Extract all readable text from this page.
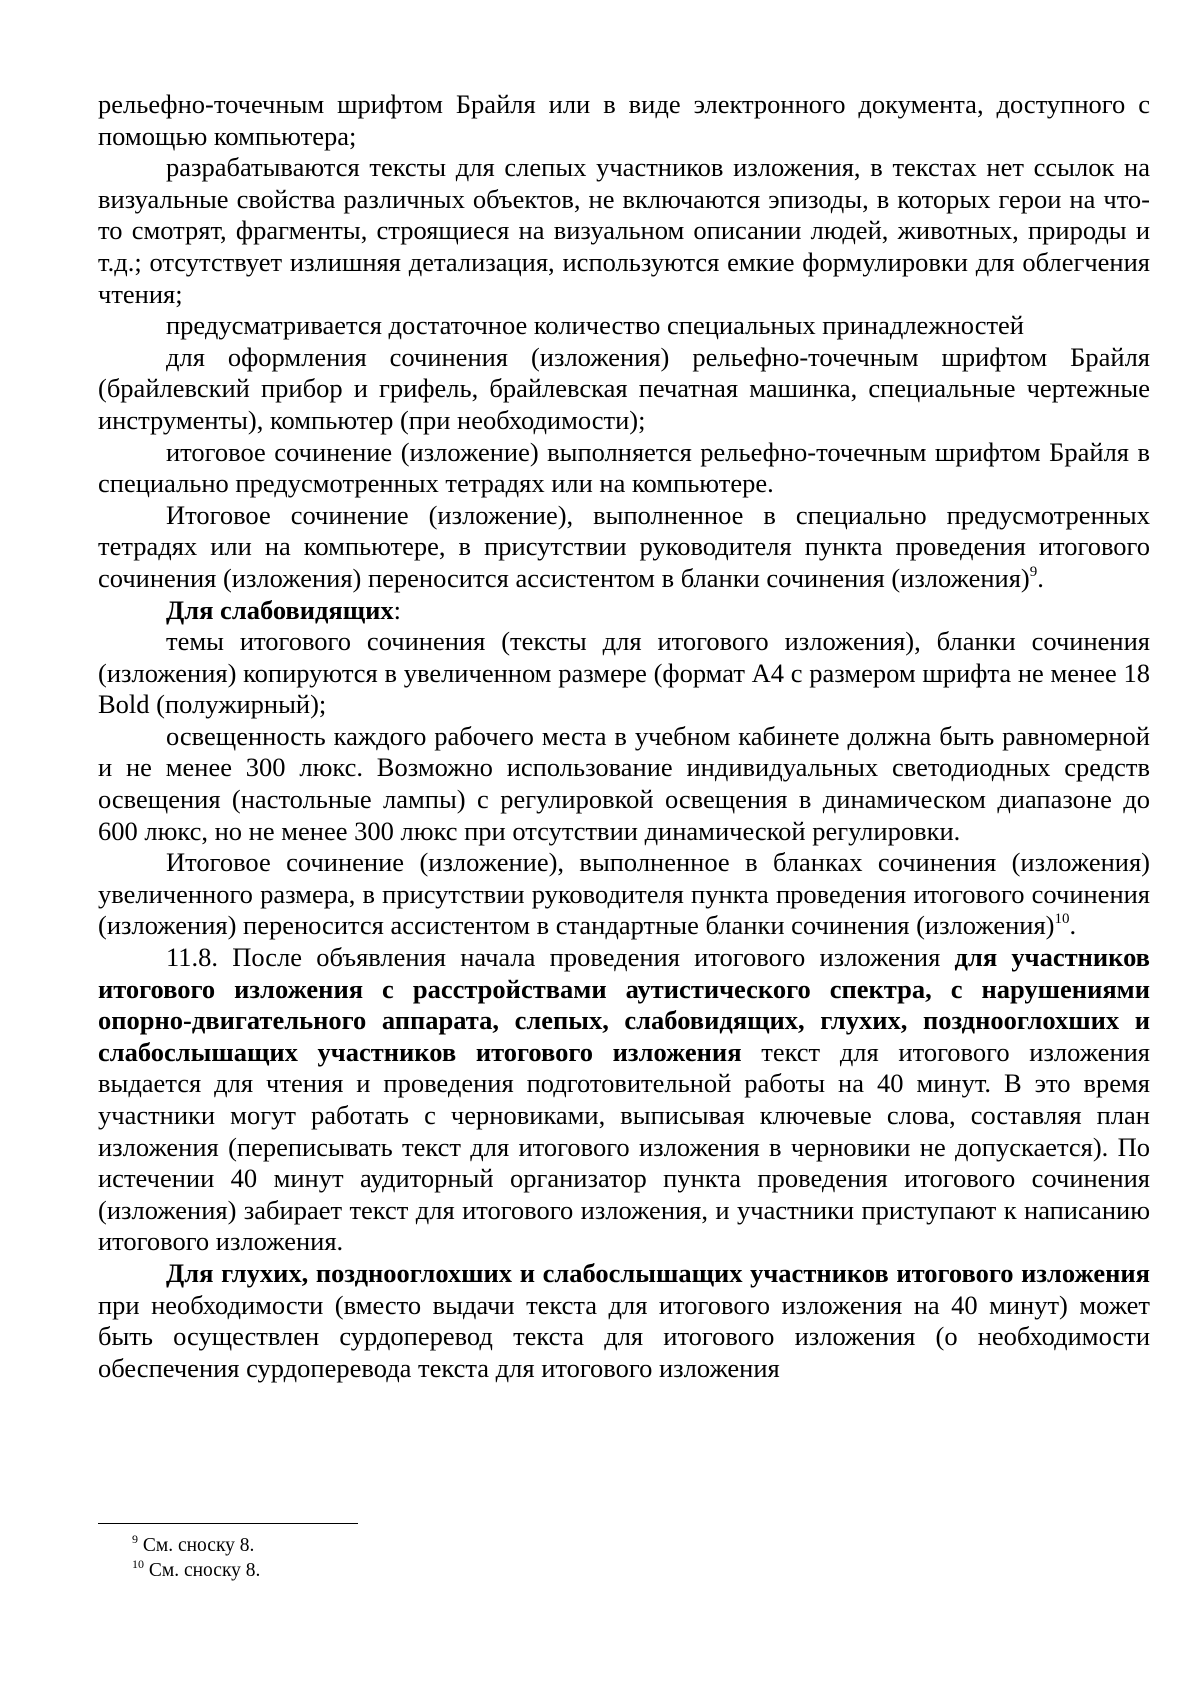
рельефно-точечным шрифтом Брайля или в виде электронного документа, доступного с помощью компьютера;

разрабатываются тексты для слепых участников изложения, в текстах нет ссылок на визуальные свойства различных объектов, не включаются эпизоды, в которых герои на что-то смотрят, фрагменты, строящиеся на визуальном описании людей, животных, природы и т.д.; отсутствует излишняя детализация, используются емкие формулировки для облегчения чтения;

предусматривается достаточное количество специальных принадлежностей

для оформления сочинения (изложения) рельефно-точечным шрифтом Брайля (брайлевский прибор и грифель, брайлевская печатная машинка, специальные чертежные инструменты), компьютер (при необходимости);

итоговое сочинение (изложение) выполняется рельефно-точечным шрифтом Брайля в специально предусмотренных тетрадях или на компьютере.

Итоговое сочинение (изложение), выполненное в специально предусмотренных тетрадях или на компьютере, в присутствии руководителя пункта проведения итогового сочинения (изложения) переносится ассистентом в бланки сочинения (изложения)$^9$.

Для слабовидящих:

темы итогового сочинения (тексты для итогового изложения), бланки сочинения (изложения) копируются в увеличенном размере (формат А4 с размером шрифта не менее 18 Bold (полужирный);

освещенность каждого рабочего места в учебном кабинете должна быть равномерной и не менее 300 люкс. Возможно использование индивидуальных светодиодных средств освещения (настольные лампы) с регулировкой освещения в динамическом диапазоне до 600 люкс, но не менее 300 люкс при отсутствии динамической регулировки.

Итоговое сочинение (изложение), выполненное в бланках сочинения (изложения) увеличенного размера, в присутствии руководителя пункта проведения итогового сочинения (изложения) переносится ассистентом в стандартные бланки сочинения (изложения)$^{10}$.

11.8. После объявления начала проведения итогового изложения для участников итогового изложения с расстройствами аутистического спектра, с нарушениями опорно-двигательного аппарата, слепых, слабовидящих, глухих, позднооглохших и слабослышащих участников итогового изложения текст для итогового изложения выдается для чтения и проведения подготовительной работы на 40 минут. В это время участники могут работать с черновиками, выписывая ключевые слова, составляя план изложения (переписывать текст для итогового изложения в черновики не допускается). По истечении 40 минут аудиторный организатор пункта проведения итогового сочинения (изложения) забирает текст для итогового изложения, и участники приступают к написанию итогового изложения.

Для глухих, позднооглохших и слабослышащих участников итогового изложения при необходимости (вместо выдачи текста для итогового изложения на 40 минут) может быть осуществлен сурдоперевод текста для итогового изложения (о необходимости обеспечения сурдоперевода текста для итогового изложения

$^9$ См. сноску 8.

$^{10}$ См. сноску 8.
